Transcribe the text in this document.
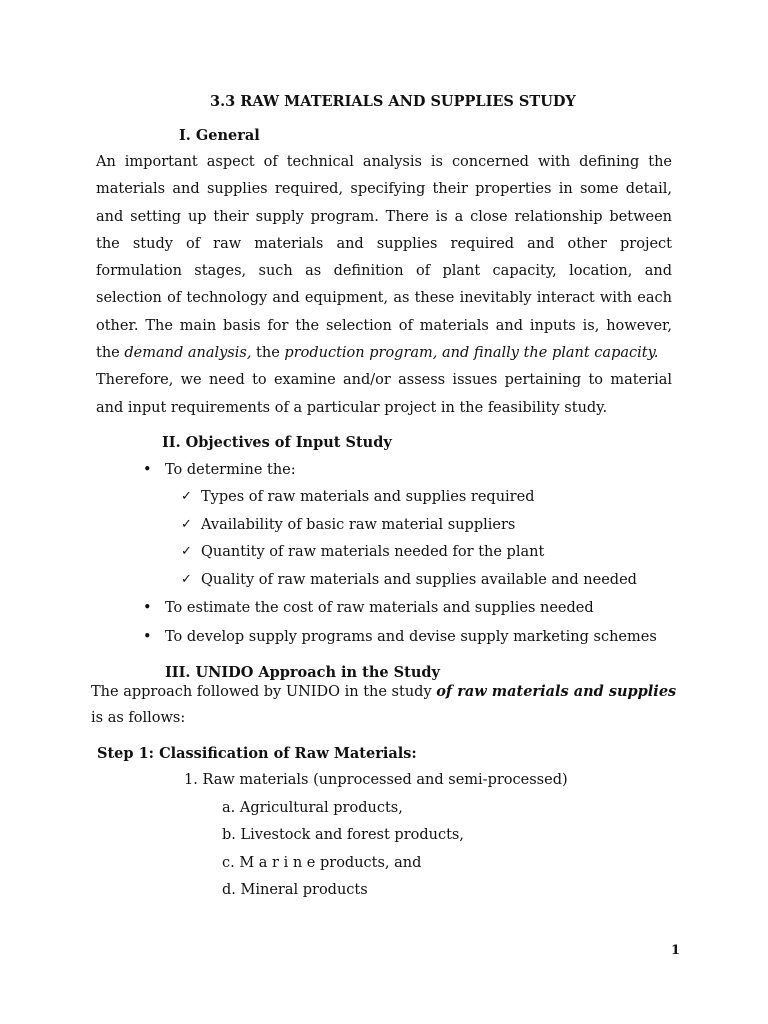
3.3 RAW MATERIALS AND SUPPLIES STUDY
I. General
An important aspect of technical analysis is concerned with defining the
materials and supplies required, specifying their properties in some detail,
and setting up their supply program. There is a close relationship between
the study of raw materials and supplies required and other project
formulation stages, such as definition of plant capacity, location, and
selection of technology and equipment, as these inevitably interact with each
other. The main basis for the selection of materials and inputs is, however,
the demand analysis, the production program, and finally the plant capacity.
Therefore, we need to examine and/or assess issues pertaining to material
and input requirements of a particular project in the feasibility study.
II. Objectives of Input Study
• To determine the:
✓ Types of raw materials and supplies required
✓ Availability of basic raw material suppliers
✓ Quantity of raw materials needed for the plant
✓ Quality of raw materials and supplies available and needed
• To estimate the cost of raw materials and supplies needed
• To develop supply programs and devise supply marketing schemes
III. UNIDO Approach in the Study
The approach followed by UNIDO in the study of raw materials and supplies
is as follows:
Step 1: Classification of Raw Materials:
1. Raw materials (unprocessed and semi-processed)
a. Agricultural products,
b. Livestock and forest products,
c. M a r i n e products, and
d. Mineral products
1
